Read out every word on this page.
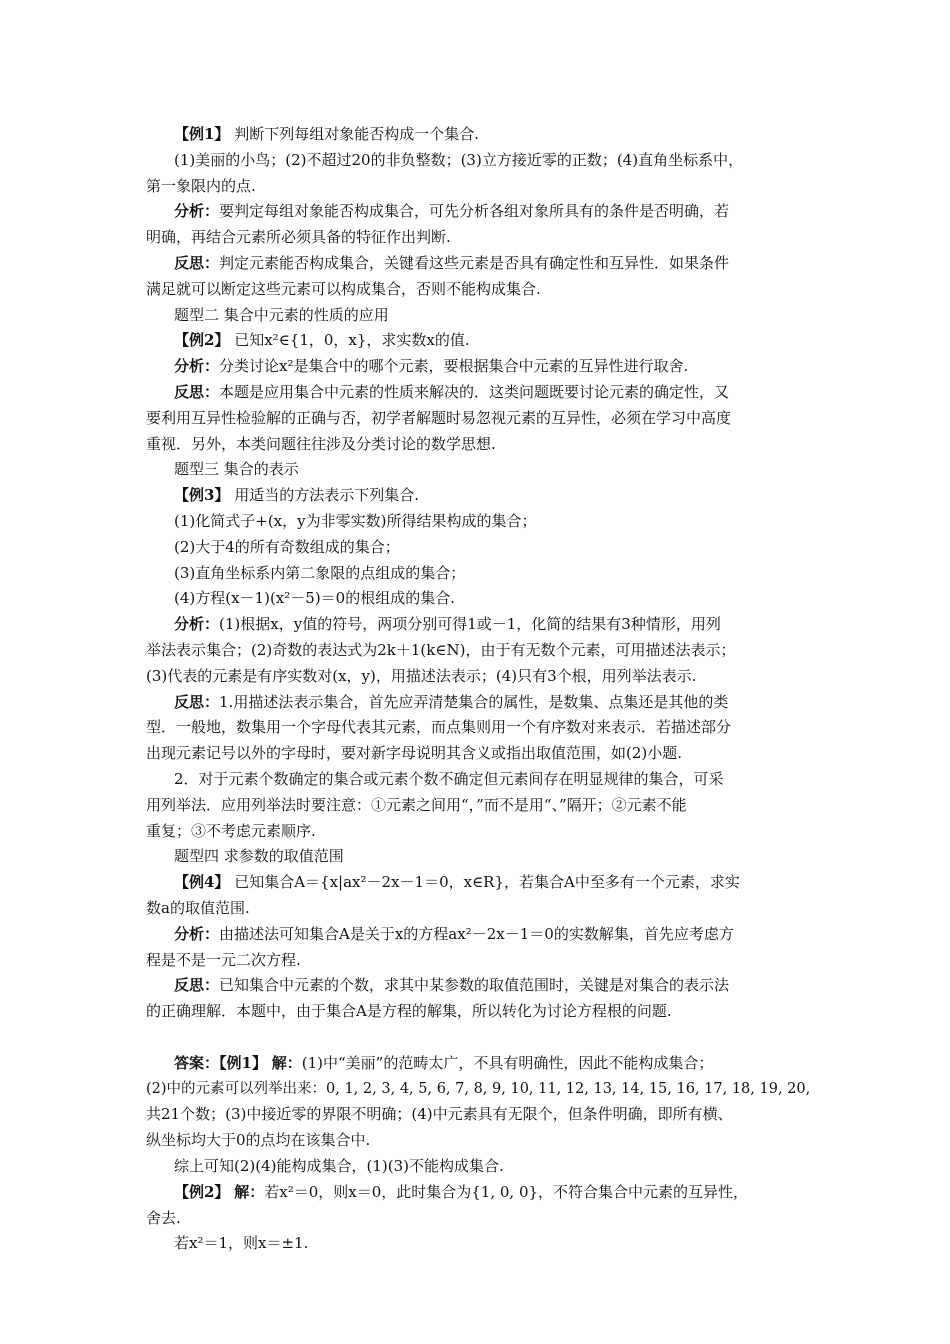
【例1】 判断下列每组对象能否构成一个集合.
(1)美丽的小鸟；(2)不超过20的非负整数；(3)立方接近零的正数；(4)直角坐标系中，
第一象限内的点.
分析：要判定每组对象能否构成集合，可先分析各组对象所具有的条件是否明确，若
明确，再结合元素所必须具备的特征作出判断.
反思：判定元素能否构成集合，关键看这些元素是否具有确定性和互异性．如果条件
满足就可以断定这些元素可以构成集合，否则不能构成集合.
题型二 集合中元素的性质的应用
【例2】 已知x²∈{1，0，x}，求实数x的值.
分析：分类讨论x²是集合中的哪个元素，要根据集合中元素的互异性进行取舍.
反思：本题是应用集合中元素的性质来解决的．这类问题既要讨论元素的确定性，又
要利用互异性检验解的正确与否，初学者解题时易忽视元素的互异性，必须在学习中高度
重视．另外，本类问题往往涉及分类讨论的数学思想.
题型三 集合的表示
【例3】 用适当的方法表示下列集合.
(1)化简式子+(x，y为非零实数)所得结果构成的集合；
(2)大于4的所有奇数组成的集合；
(3)直角坐标系内第二象限的点组成的集合；
(4)方程(x－1)(x²－5)＝0的根组成的集合.
分析：(1)根据x，y值的符号，两项分别可得1或－1，化简的结果有3种情形，用列
举法表示集合；(2)奇数的表达式为2k＋1(k∈N)，由于有无数个元素，可用描述法表示；
(3)代表的元素是有序实数对(x，y)，用描述法表示；(4)只有3个根，用列举法表示.
反思：1.用描述法表示集合，首先应弄清楚集合的属性，是数集、点集还是其他的类
型．一般地，数集用一个字母代表其元素，而点集则用一个有序数对来表示．若描述部分
出现元素记号以外的字母时，要对新字母说明其含义或指出取值范围，如(2)小题.
2．对于元素个数确定的集合或元素个数不确定但元素间存在明显规律的集合，可采
用列举法．应用列举法时要注意：①元素之间用“，”而不是用“、”隔开；②元素不能
重复；③不考虑元素顺序.
题型四 求参数的取值范围
【例4】 已知集合A＝{x|ax²－2x－1＝0，x∈R}，若集合A中至多有一个元素，求实
数a的取值范围.
分析：由描述法可知集合A是关于x的方程ax²－2x－1＝0的实数解集，首先应考虑方
程是不是一元二次方程.
反思：已知集合中元素的个数，求其中某参数的取值范围时，关键是对集合的表示法
的正确理解．本题中，由于集合A是方程的解集，所以转化为讨论方程根的问题.
答案：【例1】 解：(1)中“美丽”的范畴太广，不具有明确性，因此不能构成集合；
(2)中的元素可以列举出来：0, 1, 2, 3, 4, 5, 6, 7, 8, 9, 10, 11, 12, 13, 14, 15, 16, 17, 18, 19, 20,
共21个数；(3)中接近零的界限不明确；(4)中元素具有无限个，但条件明确，即所有横、
纵坐标均大于0的点均在该集合中.
综上可知(2)(4)能构成集合，(1)(3)不能构成集合.
【例2】 解：若x²＝0，则x＝0，此时集合为{1, 0, 0}，不符合集合中元素的互异性，
舍去.
若x²＝1，则x＝±1.
